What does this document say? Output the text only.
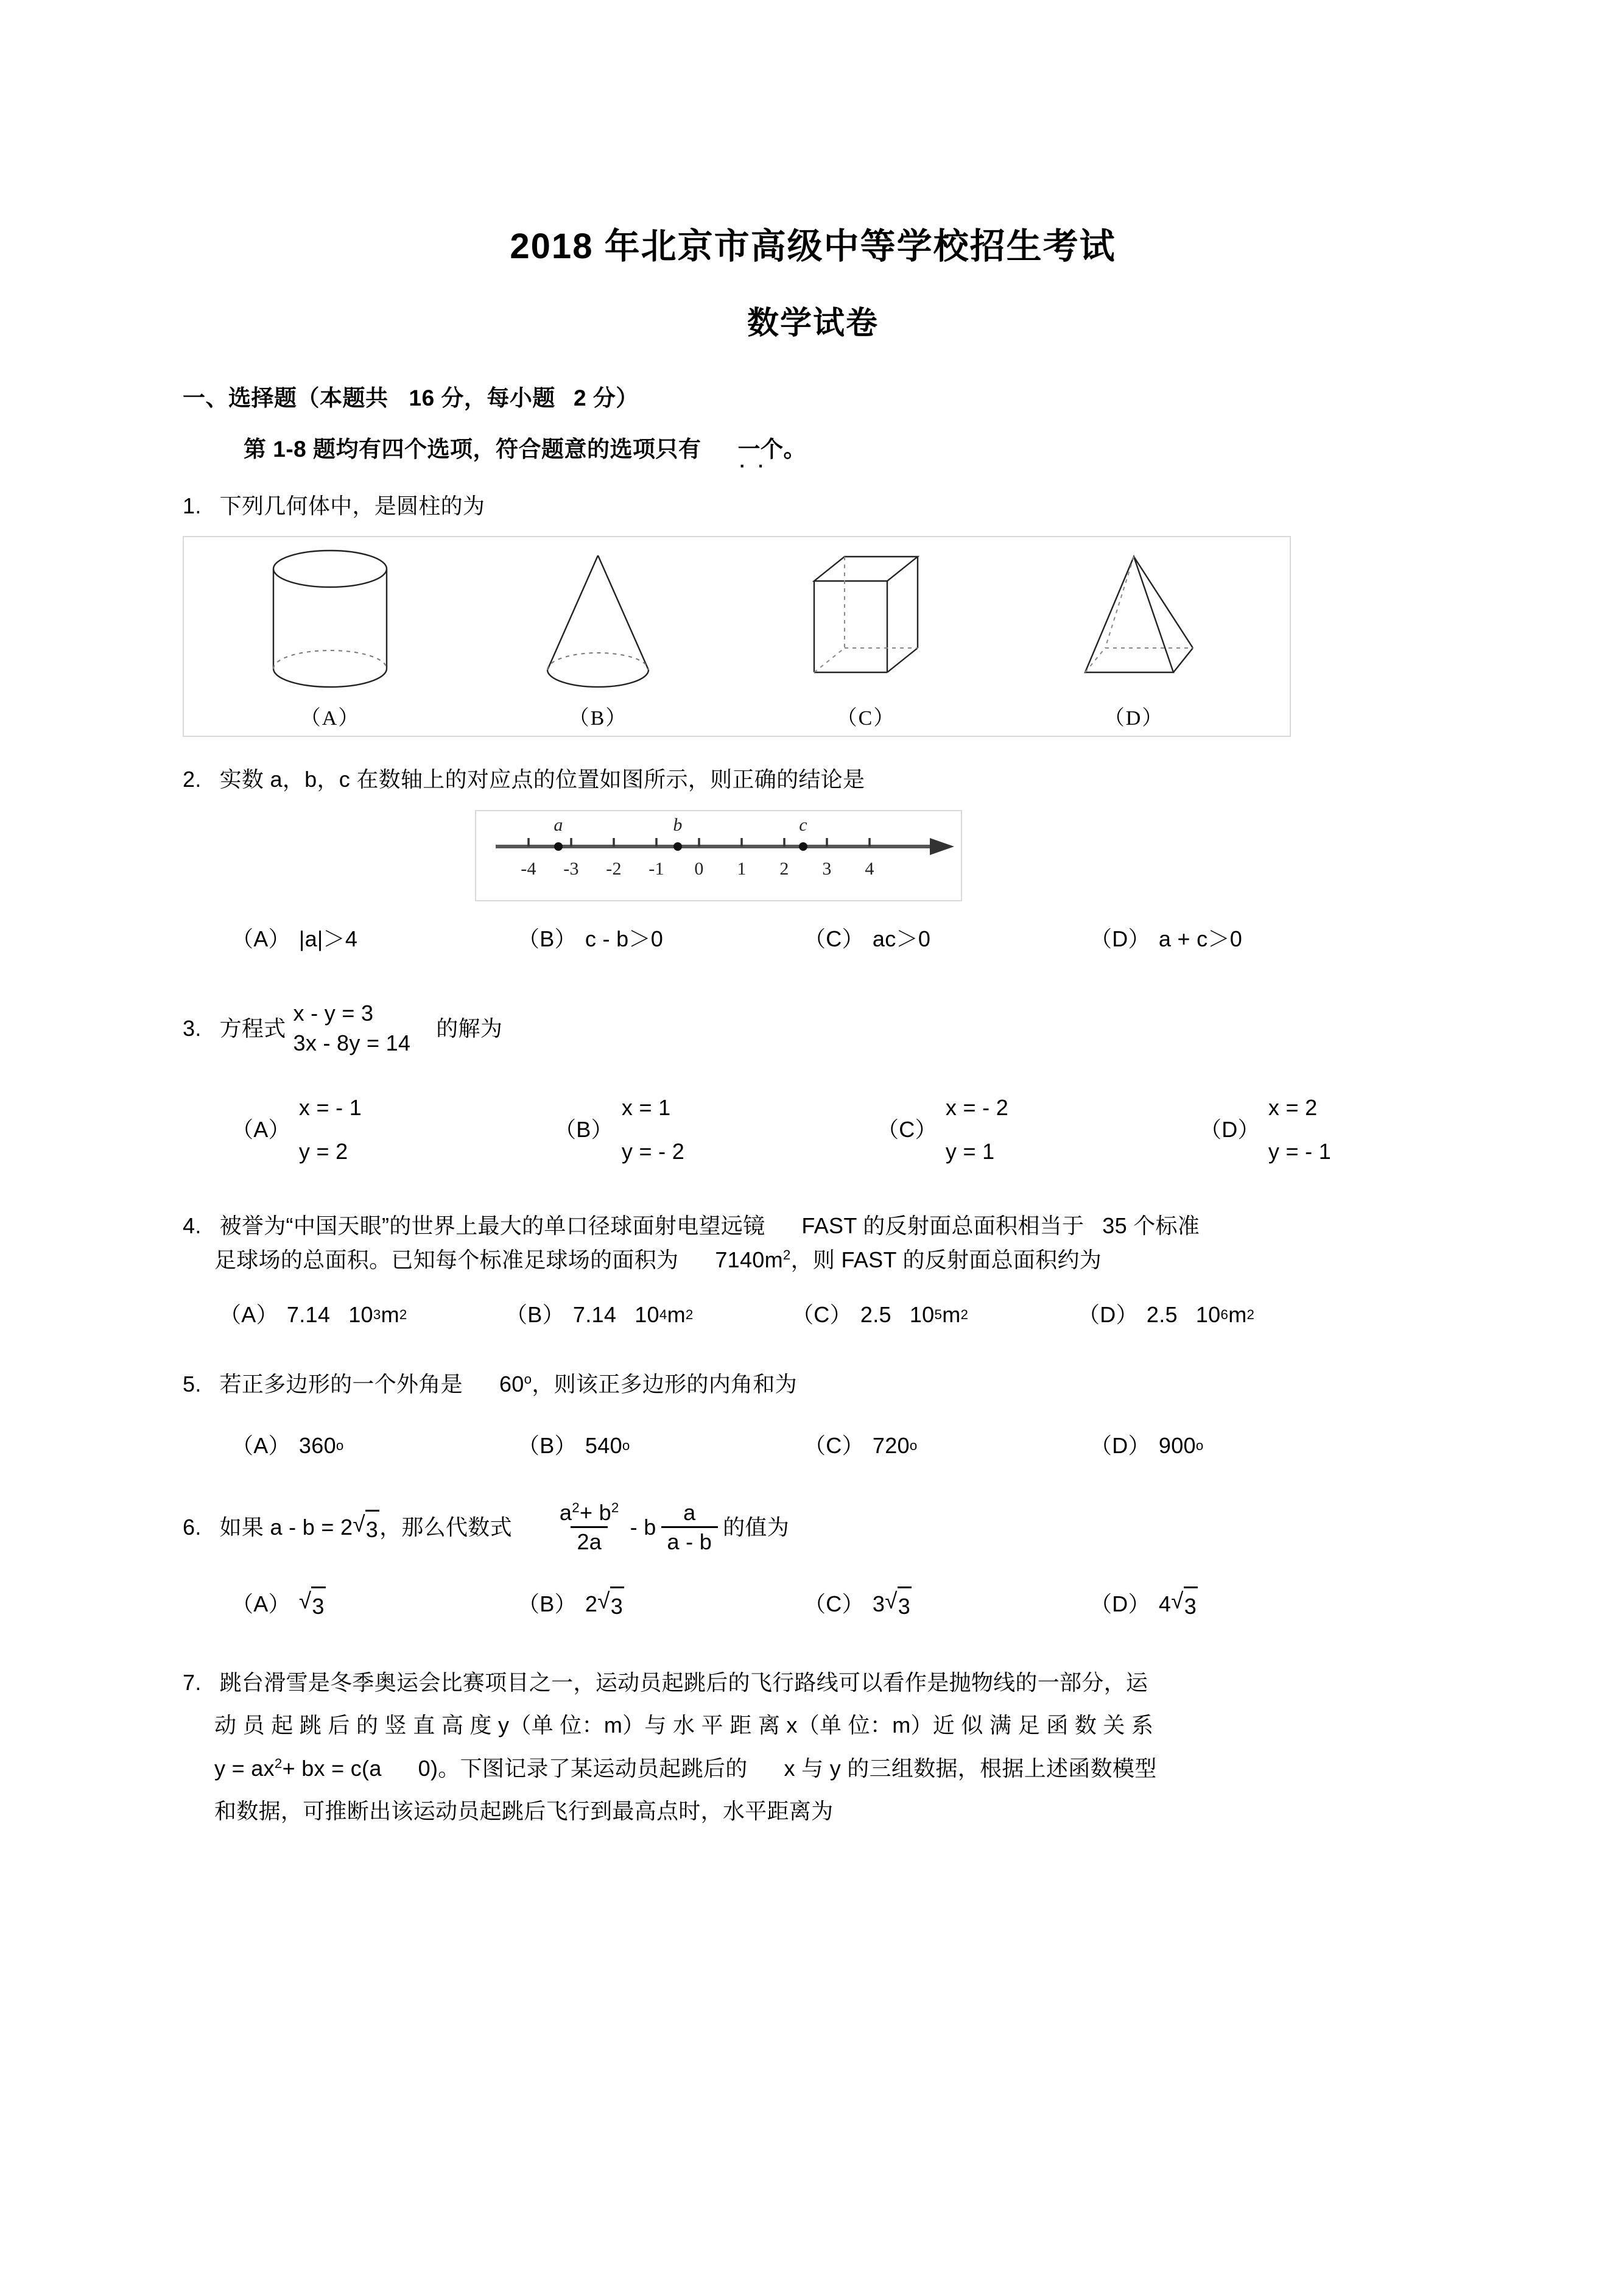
2018 年北京市高级中等学校招生考试
数学试卷
一、选择题（本题共 16 分，每小题 2 分）
第 1-8 题均有四个选项，符合题意的选项只有 一个 · ·。
1. 下列几何体中，是圆柱的为
（A）	（B）	（C）	（D）
2. 实数 a，b，c 在数轴上的对应点的位置如图所示，则正确的结论是
-4 -3 -2 -1 0 1 2 3 4
a	b	c
（A） |a|＞4	（B） c - b＞0	（C） ac＞0	（D） a + c＞0
3. 方程式
x - y = 3
3x - 8y = 14
的解为
（A）
x = - 1
y = 2
（B）
x = 1
y = - 2
（C）
x = - 2
y = 1
（D）
x = 2
y = - 1
4. 被誉为“中国天眼”的世界上最大的单口径球面射电望远镜 FAST 的反射面总面积相当于 35 个标准
足球场的总面积。已知每个标准足球场的面积为 $7140m^2$，则 FAST 的反射面总面积约为
（A） 7.14 10 3 m 2	（B） 7.14 10 4 m 2	（C） 2.5 10 5 m 2	（D） 2.5 10 6 m 2
5. 若正多边形的一个外角是 60$^o$，则该正多边形的内角和为
（A） 360 o	（B） 540 o	（C） 720 o	（D） 900 o
6. 如果 a - b = 2 √ 3 ，那么代数式 $\frac{a^2+ b^2}{2a}$ - b $\frac{a}{a - b}$ 的值为
（A） √ 3	（B） 2 √ 3	（C） 3 √ 3	（D） 4 √ 3
7. 跳台滑雪是冬季奥运会比赛项目之一，运动员起跳后的飞行路线可以看作是抛物线的一部分，运
动 员 起 跳 后 的 竖 直 高 度 y（单 位：m）与 水 平 距 离 x（单 位：m）近 似 满 足 函 数 关 系
$y = ax^2+$ bx = c(a 0)。下图记录了某运动员起跳后的 x 与 y 的三组数据，根据上述函数模型
和数据，可推断出该运动员起跳后飞行到最高点时，水平距离为
